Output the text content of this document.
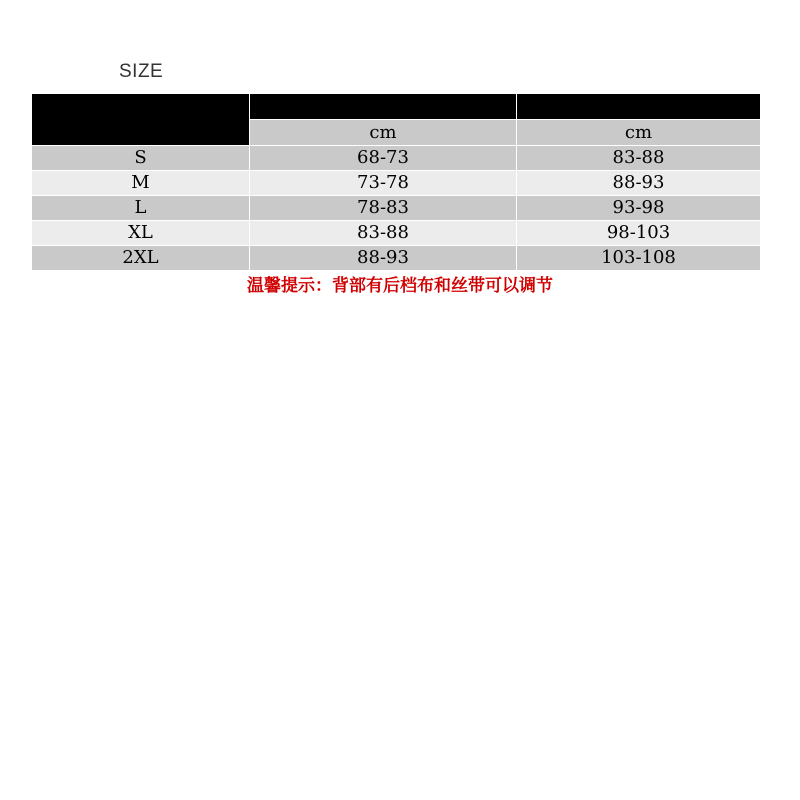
SIZE
Size	Waist(腰围)	Bust(胸围)
	cm	cm
S	68-73	83-88
M	73-78	88-93
L	78-83	93-98
XL	83-88	98-103
2XL	88-93	103-108
温馨提示：背部有后档布和丝带可以调节
